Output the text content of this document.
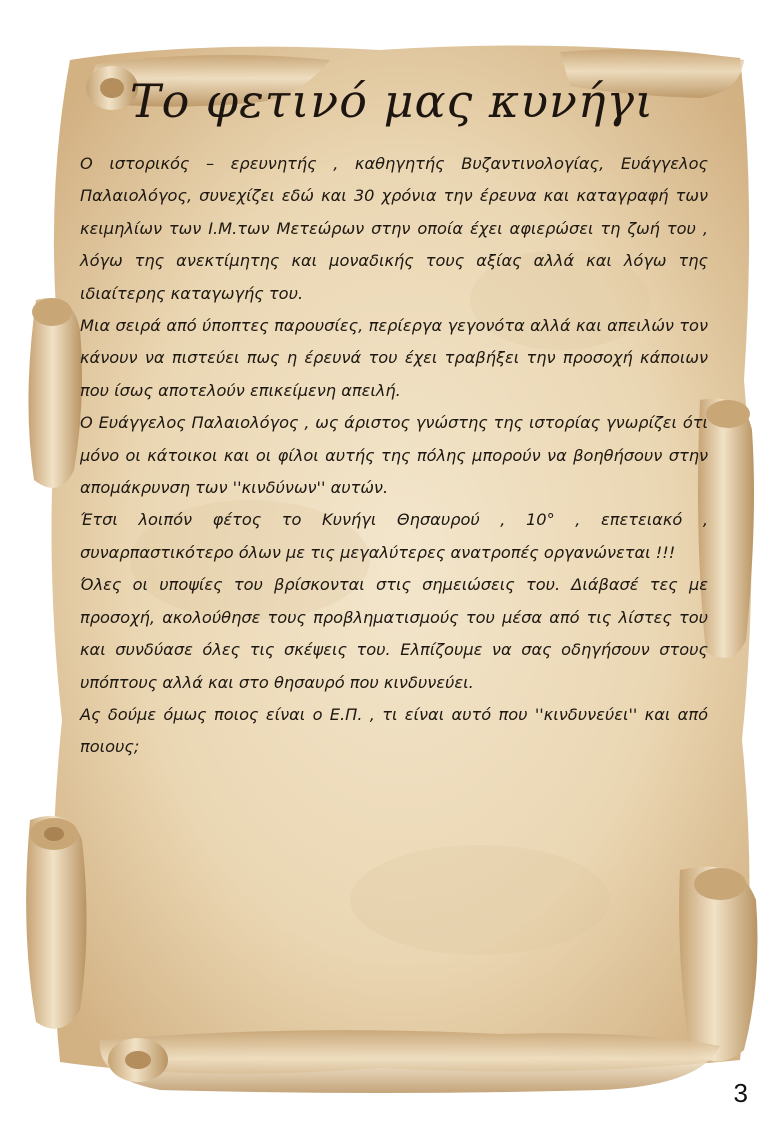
Το φετινό μας κυνήγι

Ο ιστορικός – ερευνητής , καθηγητής Βυζαντινολογίας, Ευάγγελος Παλαιολόγος, συνεχίζει εδώ και 30 χρόνια την έρευνα και καταγραφή των κειμηλίων των Ι.Μ.των Μετεώρων στην οποία έχει αφιερώσει τη ζωή του , λόγω της ανεκτίμητης και μοναδικής τους αξίας αλλά και λόγω της ιδιαίτερης καταγωγής του.

Μια σειρά από ύποπτες παρουσίες, περίεργα γεγονότα αλλά και απειλών τον κάνουν να πιστεύει πως η έρευνά του έχει τραβήξει την προσοχή κάποιων που ίσως αποτελούν επικείμενη απειλή.

Ο Ευάγγελος Παλαιολόγος , ως άριστος γνώστης της ιστορίας γνωρίζει ότι μόνο οι κάτοικοι και οι φίλοι αυτής της πόλης μπορούν να βοηθήσουν στην απομάκρυνση των ''κινδύνων'' αυτών.

Έτσι λοιπόν φέτος το Κυνήγι Θησαυρού , 10° , επετειακό , συναρπαστικότερο όλων με τις μεγαλύτερες ανατροπές οργανώνεται !!!

Όλες οι υποψίες του βρίσκονται στις σημειώσεις του. Διάβασέ τες με προσοχή, ακολούθησε τους προβληματισμούς του μέσα από τις λίστες του και συνδύασε όλες τις σκέψεις του. Ελπίζουμε να σας οδηγήσουν στους υπόπτους αλλά και στο θησαυρό που κινδυνεύει.

Ας δούμε όμως ποιος είναι ο Ε.Π. , τι είναι αυτό που ''κινδυνεύει'' και από ποιους;

3
